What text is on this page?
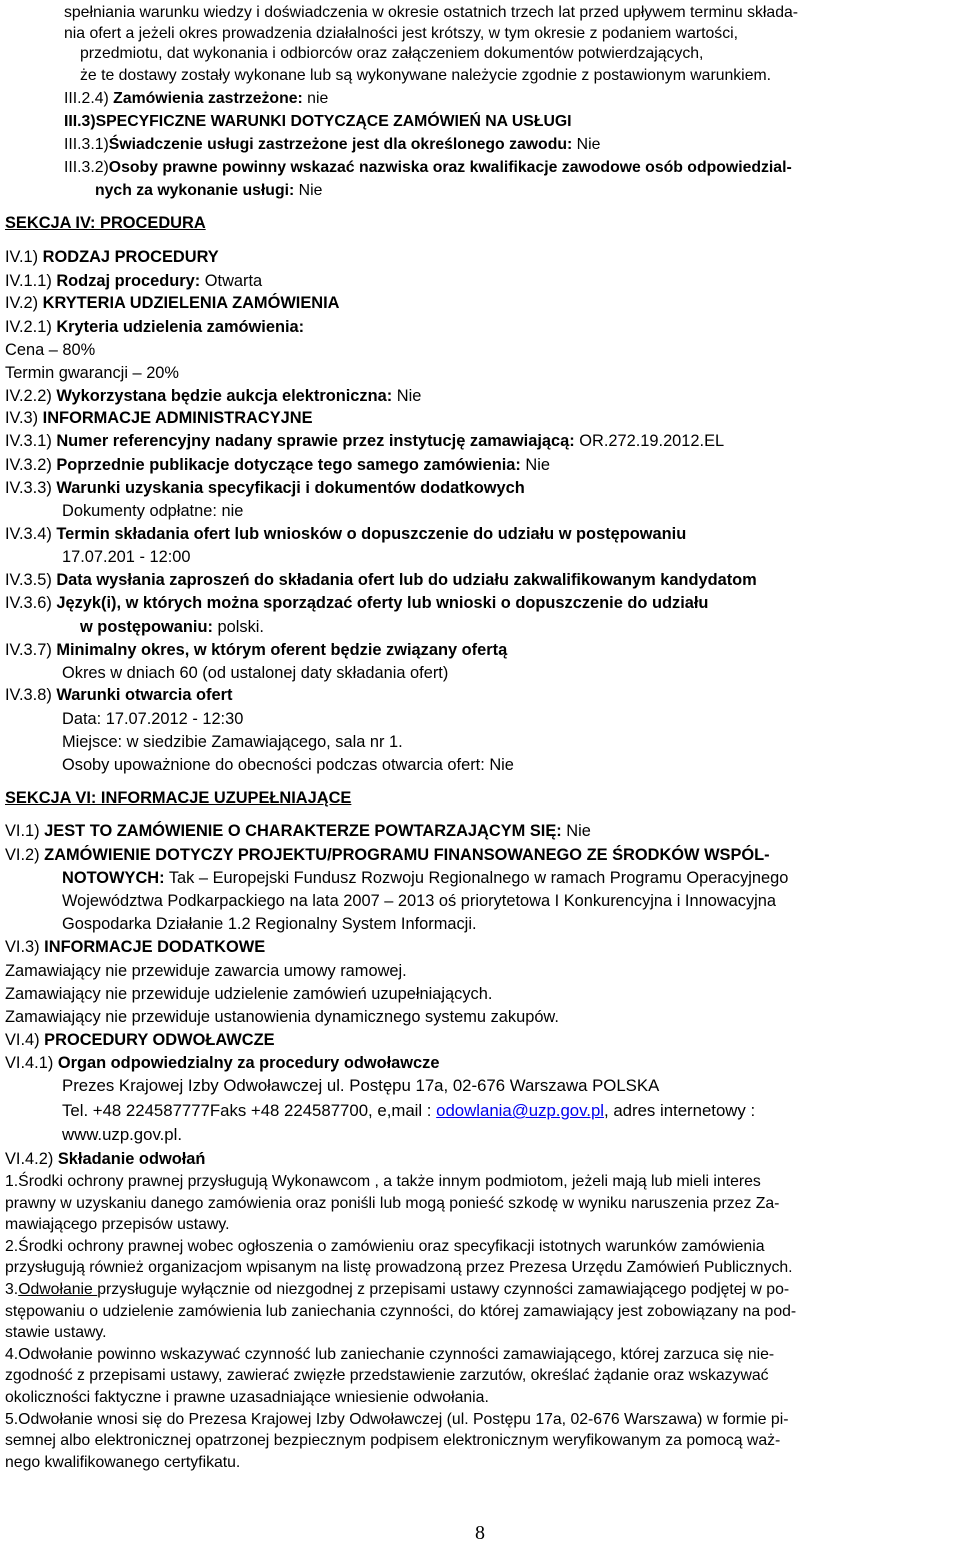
spełniania warunku wiedzy i doświadczenia w okresie ostatnich trzech lat przed upływem terminu składa-
nia ofert a jeżeli okres prowadzenia działalności jest krótszy, w tym okresie z podaniem wartości,
przedmiotu, dat wykonania i odbiorców oraz załączeniem dokumentów potwierdzających,
że te dostawy zostały wykonane lub są wykonywane należycie zgodnie z postawionym warunkiem.
III.2.4) Zamówienia zastrzeżone: nie
III.3)SPECYFICZNE WARUNKI DOTYCZĄCE ZAMÓWIEŃ NA USŁUGI
III.3.1)Świadczenie usługi zastrzeżone jest dla określonego zawodu: Nie
III.3.2)Osoby prawne powinny wskazać nazwiska oraz kwalifikacje zawodowe osób odpowiedzial-
nych za wykonanie usługi: Nie
SEKCJA IV: PROCEDURA
IV.1) RODZAJ PROCEDURY
IV.1.1) Rodzaj procedury: Otwarta
IV.2) KRYTERIA UDZIELENIA ZAMÓWIENIA
IV.2.1) Kryteria udzielenia zamówienia:
Cena – 80%
Termin gwarancji – 20%
IV.2.2) Wykorzystana będzie aukcja elektroniczna: Nie
IV.3) INFORMACJE ADMINISTRACYJNE
IV.3.1) Numer referencyjny nadany sprawie przez instytucję zamawiającą: OR.272.19.2012.EL
IV.3.2) Poprzednie publikacje dotyczące tego samego zamówienia: Nie
IV.3.3) Warunki uzyskania specyfikacji i dokumentów dodatkowych
Dokumenty odpłatne: nie
IV.3.4) Termin składania ofert lub wniosków o dopuszczenie do udziału w postępowaniu
17.07.201 - 12:00
IV.3.5) Data wysłania zaproszeń do składania ofert lub do udziału zakwalifikowanym kandydatom
IV.3.6) Język(i), w których można sporządzać oferty lub wnioski o dopuszczenie do udziału
w postępowaniu: polski.
IV.3.7) Minimalny okres, w którym oferent będzie związany ofertą
Okres w dniach 60 (od ustalonej daty składania ofert)
IV.3.8) Warunki otwarcia ofert
Data: 17.07.2012 - 12:30
Miejsce: w siedzibie Zamawiającego, sala nr 1.
Osoby upoważnione do obecności podczas otwarcia ofert: Nie
SEKCJA VI: INFORMACJE UZUPEŁNIAJĄCE
VI.1) JEST TO ZAMÓWIENIE O CHARAKTERZE POWTARZAJĄCYM SIĘ: Nie
VI.2) ZAMÓWIENIE DOTYCZY PROJEKTU/PROGRAMU FINANSOWANEGO ZE ŚRODKÓW WSPÓL-
NOTOWYCH: Tak – Europejski Fundusz Rozwoju Regionalnego w ramach Programu Operacyjnego
Województwa Podkarpackiego na lata 2007 – 2013 oś priorytetowa I Konkurencyjna i Innowacyjna
Gospodarka Działanie 1.2 Regionalny System Informacji.
VI.3) INFORMACJE DODATKOWE
Zamawiający nie przewiduje zawarcia umowy ramowej.
Zamawiający nie przewiduje udzielenie zamówień uzupełniających.
Zamawiający nie przewiduje ustanowienia dynamicznego systemu zakupów.
VI.4) PROCEDURY ODWOŁAWCZE
VI.4.1) Organ odpowiedzialny za procedury odwoławcze
Prezes Krajowej Izby Odwoławczej ul. Postępu 17a, 02-676 Warszawa POLSKA
Tel. +48 224587777Faks +48 224587700, e,mail : odowlania@uzp.gov.pl, adres internetowy :
www.uzp.gov.pl.
VI.4.2) Składanie odwołań
1.Środki ochrony prawnej przysługują Wykonawcom , a także innym podmiotom, jeżeli mają lub mieli interes
prawny w uzyskaniu danego zamówienia oraz poniśli lub mogą ponieść szkodę w wyniku naruszenia przez Za-
mawiającego przepisów ustawy.
2.Środki ochrony prawnej wobec ogłoszenia o zamówieniu oraz specyfikacji istotnych warunków zamówienia
przysługują również organizacjom wpisanym na listę prowadzoną przez Prezesa Urzędu Zamówień Publicznych.
3.Odwołanie przysługuje wyłącznie od niezgodnej z przepisami ustawy czynności zamawiającego podjętej w po-
stępowaniu o udzielenie zamówienia lub zaniechania czynności, do której zamawiający jest zobowiązany na pod-
stawie ustawy.
4.Odwołanie powinno wskazywać czynność lub zaniechanie czynności zamawiającego, której zarzuca się nie-
zgodność z przepisami ustawy, zawierać zwięzłe przedstawienie zarzutów, określać żądanie oraz wskazywać
okoliczności faktyczne i prawne uzasadniające wniesienie odwołania.
5.Odwołanie wnosi się do Prezesa Krajowej Izby Odwoławczej (ul. Postępu 17a, 02-676 Warszawa) w formie pi-
semnej albo elektronicznej opatrzonej bezpiecznym podpisem elektronicznym weryfikowanym za pomocą waż-
nego kwalifikowanego certyfikatu.
8
